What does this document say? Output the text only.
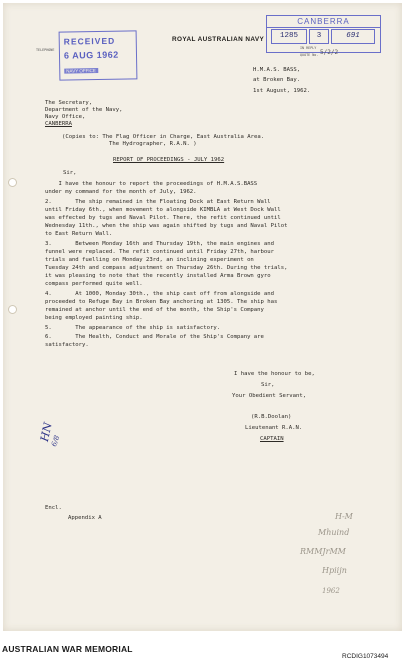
ROYAL AUSTRALIAN NAVY
RECEIVED
6 AUG 1962
NAVY OFFICE
TELEPHONE
CANBERRA
1285	3	691
IN REPLY
QUOTE No. 5/2/2
H.M.A.S. BASS,
at Broken Bay.
1st August, 1962.
The Secretary,
Department of the Navy,
Navy Office,
CANBERRA
(Copies to: The Flag Officer in Charge, East Australia Area.
The Hydrographer, R.A.N. )
REPORT OF PROCEEDINGS - JULY 1962
Sir,
I have the honour to report the proceedings of H.M.A.S.BASS
under my command for the month of July, 1962.
2.       The ship remained in the Floating Dock at East Return Wall
until Friday 6th., when movement to alongside KIMBLA at West Dock Wall
was effected by tugs and Naval Pilot. There, the refit continued until
Wednesday 11th., when the ship was again shifted by tugs and Naval Pilot
to East Return Wall.
3.       Between Monday 16th and Thursday 19th, the main engines and
funnel were replaced. The refit continued until Friday 27th, harbour
trials and fuelling on Monday 23rd, an inclining experiment on
Tuesday 24th and compass adjustment on Thursday 26th. During the trials,
it was pleasing to note that the recently installed Arma Brown gyro
compass performed quite well.
4.       At 1000, Monday 30th., the ship cast off from alongside and
proceeded to Refuge Bay in Broken Bay anchoring at 1305. The ship has
remained at anchor until the end of the month, the Ship's Company
being employed painting ship.
5.       The appearance of the ship is satisfactory.
6.       The Health, Conduct and Morale of the Ship's Company are
satisfactory.
I have the honour to be,
Sir,
Your Obedient Servant,
(R.B.Doolan)
Lieutenant R.A.N.
CAPTAIN
Encl.
Appendix A
HN
6/8
H-M
Mhuind
RMMJrMM
Hpiijn
1962
AUSTRALIAN WAR MEMORIAL
RCDIG1073494
